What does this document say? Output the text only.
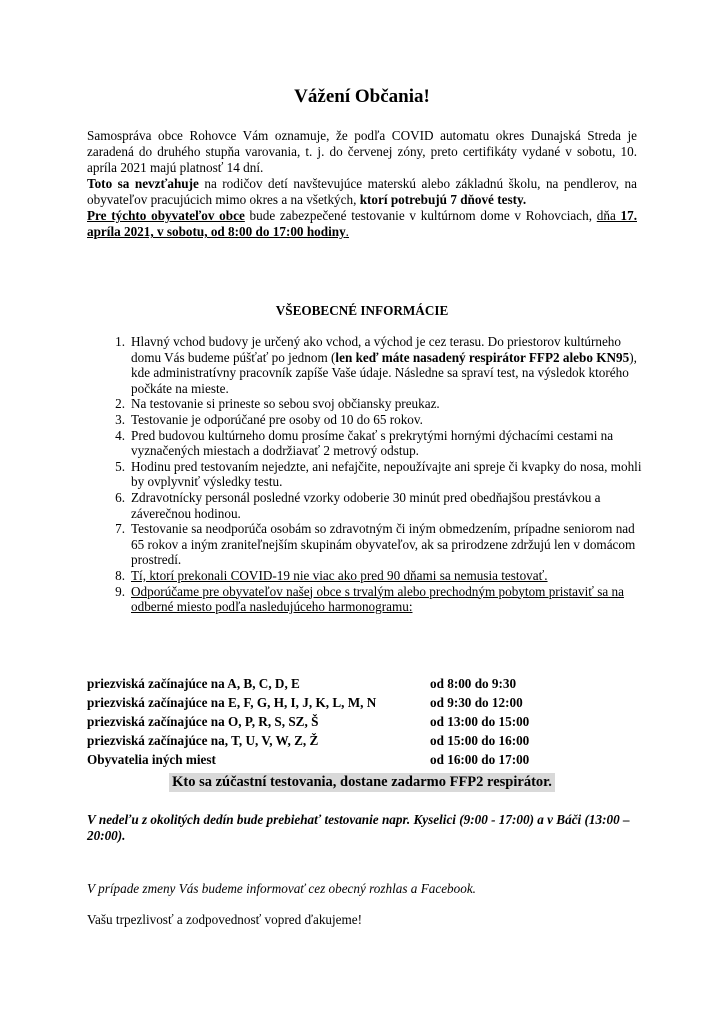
Vážení Občania!

Samospráva obce Rohovce Vám oznamuje, že podľa COVID automatu okres Dunajská Streda je zaradená do druhého stupňa varovania, t. j. do červenej zóny, preto certifikáty vydané v sobotu, 10. apríla 2021 majú platnosť 14 dní.

Toto sa nevzťahuje na rodičov detí navštevujúce materskú alebo základnú školu, na pendlerov, na obyvateľov pracujúcich mimo okres a na všetkých, ktorí potrebujú 7 dňové testy.

Pre týchto obyvateľov obce bude zabezpečené testovanie v kultúrnom dome v Rohovciach, dňa 17. apríla 2021, v sobotu, od 8:00 do 17:00 hodiny.

VŠEOBECNÉ INFORMÁCIE
1. Hlavný vchod budovy je určený ako vchod, a východ je cez terasu. Do priestorov kultúrneho domu Vás budeme púšťať po jednom (len keď máte nasadený respirátor FFP2 alebo KN95), kde administratívny pracovník zapíše Vaše údaje. Následne sa spraví test, na výsledok ktorého počkáte na mieste.
2. Na testovanie si prineste so sebou svoj občiansky preukaz.
3. Testovanie je odporúčané pre osoby od 10 do 65 rokov.
4. Pred budovou kultúrneho domu prosíme čakať s prekrytými hornými dýchacími cestami na vyznačených miestach a dodržiavať 2 metrový odstup.
5. Hodinu pred testovaním nejedzte, ani nefajčite, nepoužívajte ani spreje či kvapky do nosa, mohli by ovplyvniť výsledky testu.
6. Zdravotnícky personál posledné vzorky odoberie 30 minút pred obedňajšou prestávkou a záverečnou hodinou.
7. Testovanie sa neodporúča osobám so zdravotným či iným obmedzením, prípadne seniorom nad 65 rokov a iným zraniteľnejším skupinám obyvateľov, ak sa prirodzene zdržujú len v domácom prostredí.
8. Tí, ktorí prekonali COVID-19 nie viac ako pred 90 dňami sa nemusia testovať.
9. Odporúčame pre obyvateľov našej obce s trvalým alebo prechodným pobytom pristaviť sa na odberné miesto podľa nasledujúceho harmonogramu:
priezviská začínajúce na A, B, C, D, E	od 8:00 do 9:30
priezviská začínajúce na E, F, G, H, I, J, K, L, M, N	od 9:30 do 12:00
priezviská začínajúce na O, P, R, S, SZ, Š	od 13:00 do 15:00
priezviská začínajúce na, T, U, V, W, Z, Ž	od 15:00 do 16:00
Obyvatelia iných miest	od 16:00 do 17:00
Kto sa zúčastní testovania, dostane zadarmo FFP2 respirátor.
V nedeľu z okolitých dedín bude prebiehať testovanie napr. Kyselici (9:00 - 17:00) a v Báči (13:00 – 20:00).
V prípade zmeny Vás budeme informovať cez obecný rozhlas a Facebook.
Vašu trpezlivosť a zodpovednosť vopred ďakujeme!
